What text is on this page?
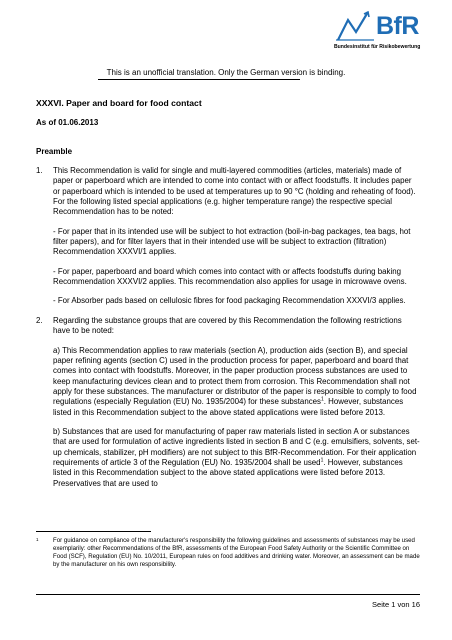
BfR
Bundesinstitut für Risikobewertung
This is an unofficial translation. Only the German version is binding.
XXXVI. Paper and board for food contact
As of 01.06.2013
Preamble
1. This Recommendation is valid for single and multi-layered commodities (articles, materials) made of paper or paperboard which are intended to come into contact with or affect foodstuffs. It includes paper or paperboard which is intended to be used at temperatures up to 90 °C (holding and reheating of food). For the following listed special applications (e.g. higher temperature range) the respective special Recommendation has to be noted:

- For paper that in its intended use will be subject to hot extraction (boil-in-bag packages, tea bags, hot filter papers), and for filter layers that in their intended use will be subject to extraction (filtration) Recommendation XXXVI/1 applies.

- For paper, paperboard and board which comes into contact with or affects foodstuffs during baking Recommendation XXXVI/2 applies. This recommendation also applies for usage in microwave ovens.

- For Absorber pads based on cellulosic fibres for food packaging Recommendation XXXVI/3 applies.

2. Regarding the substance groups that are covered by this Recommendation the following restrictions have to be noted:

a) This Recommendation applies to raw materials (section A), production aids (section B), and special paper refining agents (section C) used in the production process for paper, paperboard and board that comes into contact with foodstuffs. Moreover, in the paper production process substances are used to keep manufacturing devices clean and to protect them from corrosion. This Recommendation shall not apply for these substances. The manufacturer or distributor of the paper is responsible to comply to food regulations (especially Regulation (EU) No. 1935/2004) for these substances$^1$. However, substances listed in this Recommendation subject to the above stated applications were listed before 2013.

b) Substances that are used for manufacturing of paper raw materials listed in section A or substances that are used for formulation of active ingredients listed in section B and C (e.g. emulsifiers, solvents, set-up chemicals, stabilizer, pH modifiers) are not subject to this BfR-Recommendation. For their application requirements of article 3 of the Regulation (EU) No. 1935/2004 shall be used$^1$. However, substances listed in this Recommendation subject to the above stated applications were listed before 2013. Preservatives that are used to

1	For guidance on compliance of the manufacturer's responsibility the following guidelines and assessments of substances may be used exemplarily: other Recommendations of the BfR, assessments of the European Food Safety Authority or the Scientific Committee on Food (SCF), Regulation (EU) No. 10/2011, European rules on food additives and drinking water. Moreover, an assessment can be made by the manufacturer on his own responsibility.
Seite 1 von 16
